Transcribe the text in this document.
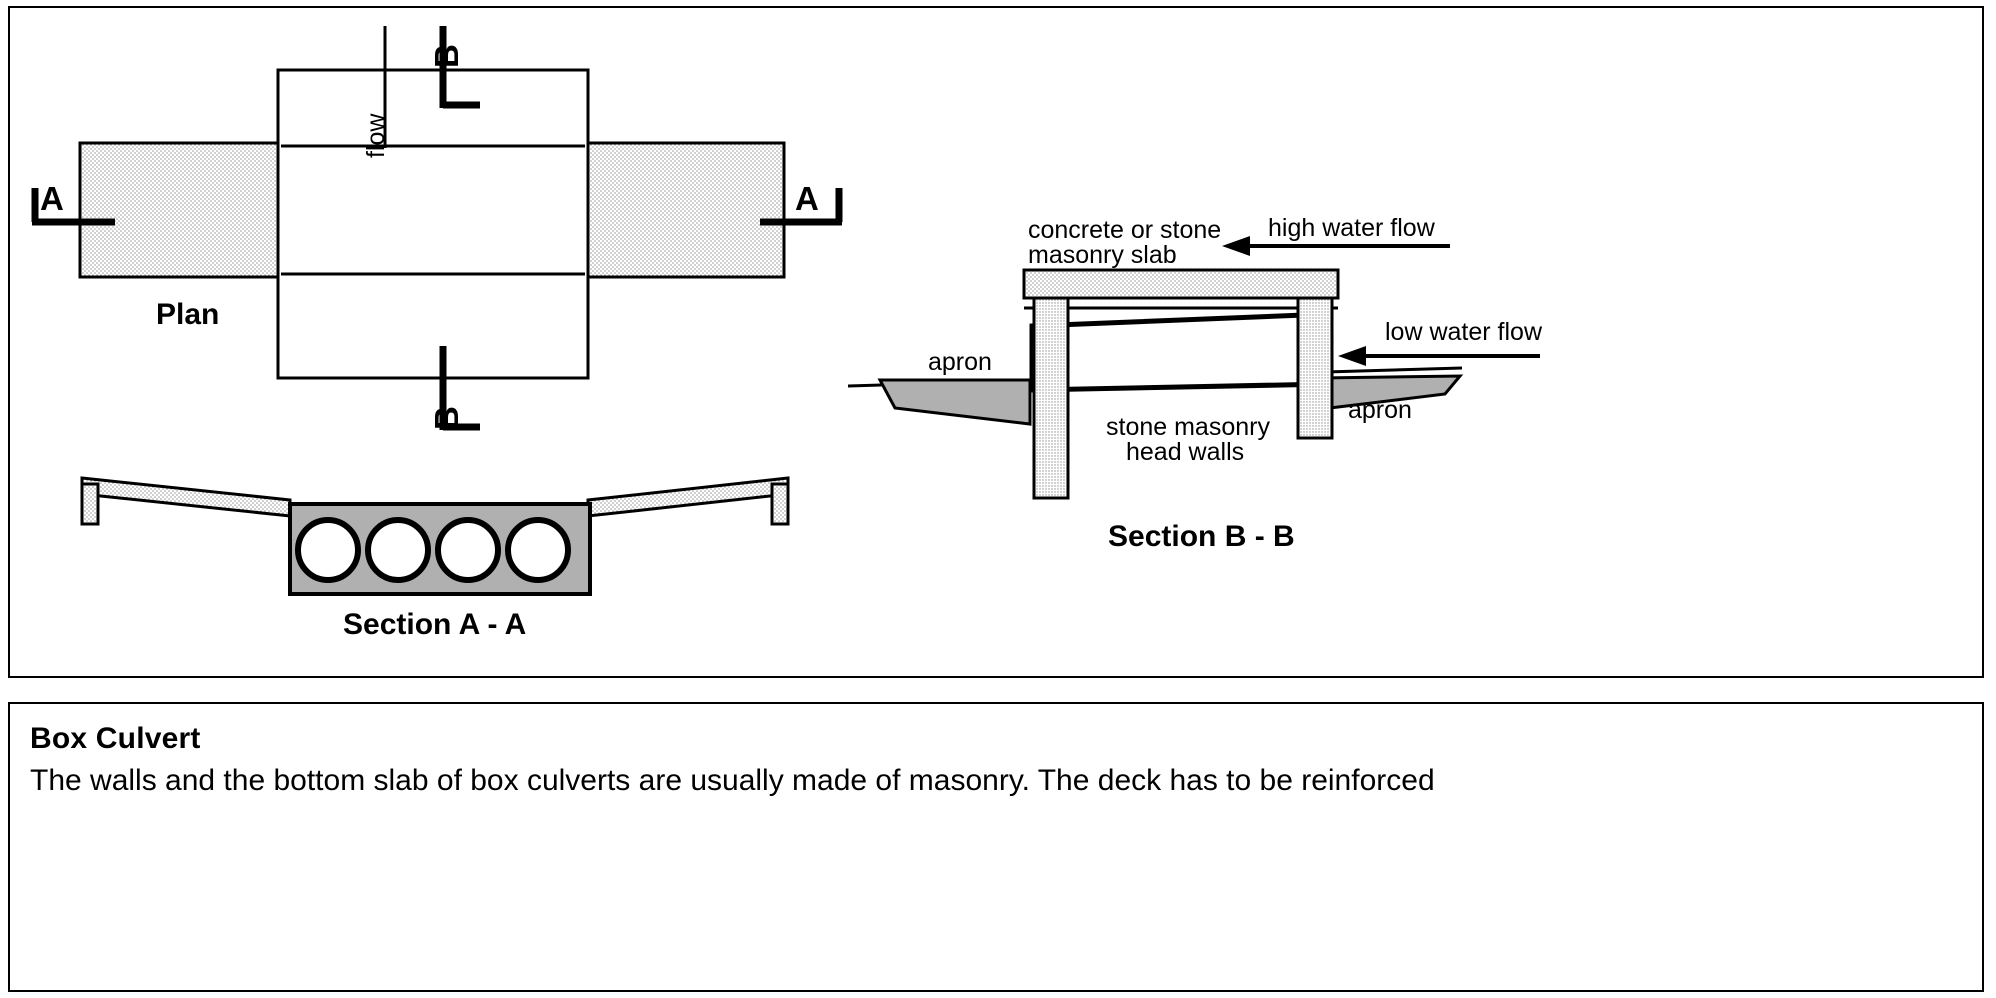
A	A
B
B
flow
Plan
Section A - A
concrete or stone
masonry slab
high water flow
low water flow
apron
apron
stone masonry
head walls
Section B - B
Box Culvert
The walls and the bottom slab of box culverts are usually made of masonry. The deck has to be reinforced
